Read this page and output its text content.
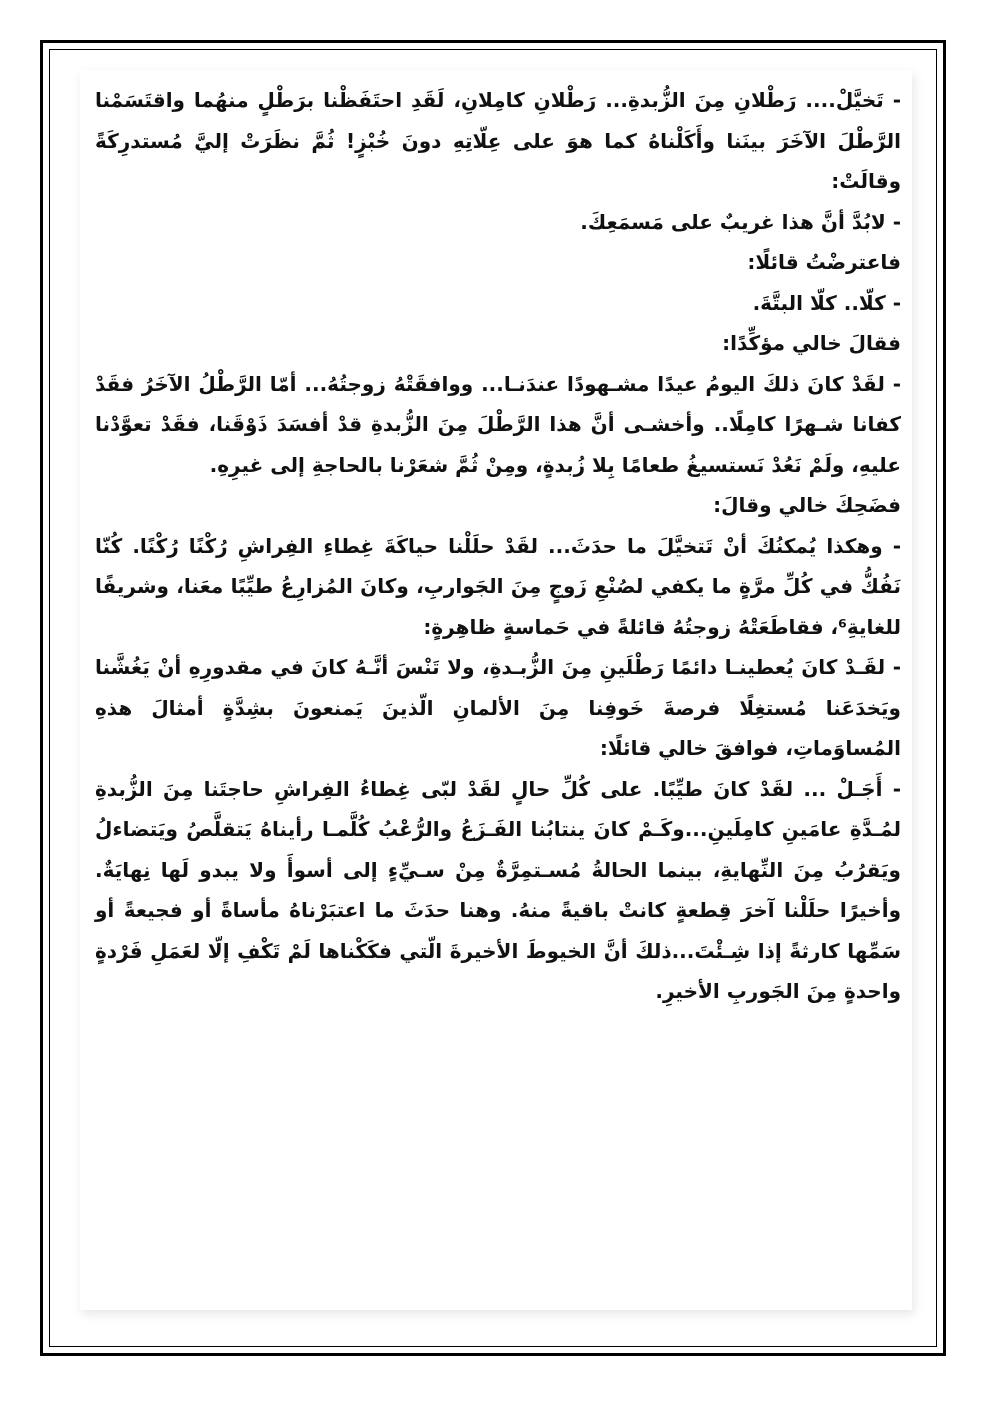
- تَخيَّلْ.... رَطْلانِ مِنَ الزُّبدةِ... رَطْلانِ كامِلانِ، لَقَدِ احتَفَظْنا برَطْلٍ منهُما واقتَسَمْنا الرَّطْلَ الآخَرَ بينَنا وأَكَلْناهُ كما هوَ على عِلّاتِهِ دونَ خُبْزٍ! ثُمَّ نظَرَتْ إليَّ مُستدرِكَةً وقالَتْ:

- لابُدَّ أنَّ هذا غريبٌ على مَسمَعِكَ.

فاعترضْتُ قائلًا:

- كلّا.. كلّا البتَّةَ.

فقالَ خالي مؤكِّدًا:

- لقَدْ كانَ ذلكَ اليومُ عيدًا مشـهودًا عندَنـا... ووافقَتْهُ زوجتُهُ... أمّا الرَّطْلُ الآخَرُ فقَدْ كفانا شـهرًا كامِلًا.. وأخشـى أنَّ هذا الرَّطْلَ مِنَ الزُّبدةِ قدْ أفسَدَ ذَوْقَنا، فقَدْ تعوَّدْنا عليهِ، ولَمْ نَعُدْ نَستسيغُ طعامًا بِلا زُبدةٍ، ومِنْ ثُمَّ شعَرْنا بالحاجةِ إلى غيرِهِ.

فضَحِكَ خالي وقالَ:

- وهكذا يُمكنُكَ أنْ تَتخيَّلَ ما حدَثَ... لقَدْ حلَلْنا حياكَةَ غِطاءِ الفِراشِ رُكْنًا رُكْنًا. كُنّا نَفُكُّ في كُلِّ مرَّةٍ ما يكفي لصُنْعِ زَوجٍ مِنَ الجَواربِ، وكانَ المُزارِعُ طيِّبًا معَنا، وشريفًا للغايةِ⁶، فقاطَعَتْهُ زوجتُهُ قائلةً في حَماسةٍ ظاهِرةٍ:

- لقَـدْ كانَ يُعطينـا دائمًا رَطْلَينِ مِنَ الزُّبـدةِ، ولا تَنْسَ أنَّـهُ كانَ في مقدورِهِ أنْ يَغُشَّنا ويَخدَعَنا مُستغِلًا فرصةَ خَوفِنا مِنَ الألمانِ الّذينَ يَمنعونَ بشِدَّةٍ أمثالَ هذهِ المُساوَماتِ، فوافقَ خالي قائلًا:

- أَجَـلْ ... لقَدْ كانَ طيِّبًا. على كُلِّ حالٍ لقَدْ لبّى غِطاءُ الفِراشِ حاجتَنا مِنَ الزُّبدةِ لمُـدَّةِ عامَينِ كامِلَينِ...وكَـمْ كانَ ينتابُنا الفَـزَعُ والرُّعْبُ كُلَّمـا رأيناهُ يَتقلَّصُ ويَتضاءلُ ويَقرُبُ مِنَ النِّهايةِ، بينما الحالةُ مُسـتمِرَّةٌ مِنْ سـيِّءٍ إلى أسوأَ ولا يبدو لَها نِهايَةٌ. وأخيرًا حلَلْنا آخرَ قِطعةٍ كانتْ باقيةً منهُ. وهنا حدَثَ ما اعتبَرْناهُ مأساةً أو فجيعةً أو سَمِّها كارثةً إذا شِـئْتَ...ذلكَ أنَّ الخيوطَ الأخيرةَ الّتي فكَكْناها لَمْ تَكْفِ إلّا لعَمَلِ فَرْدةٍ واحدةٍ مِنَ الجَوربِ الأخيرِ.
